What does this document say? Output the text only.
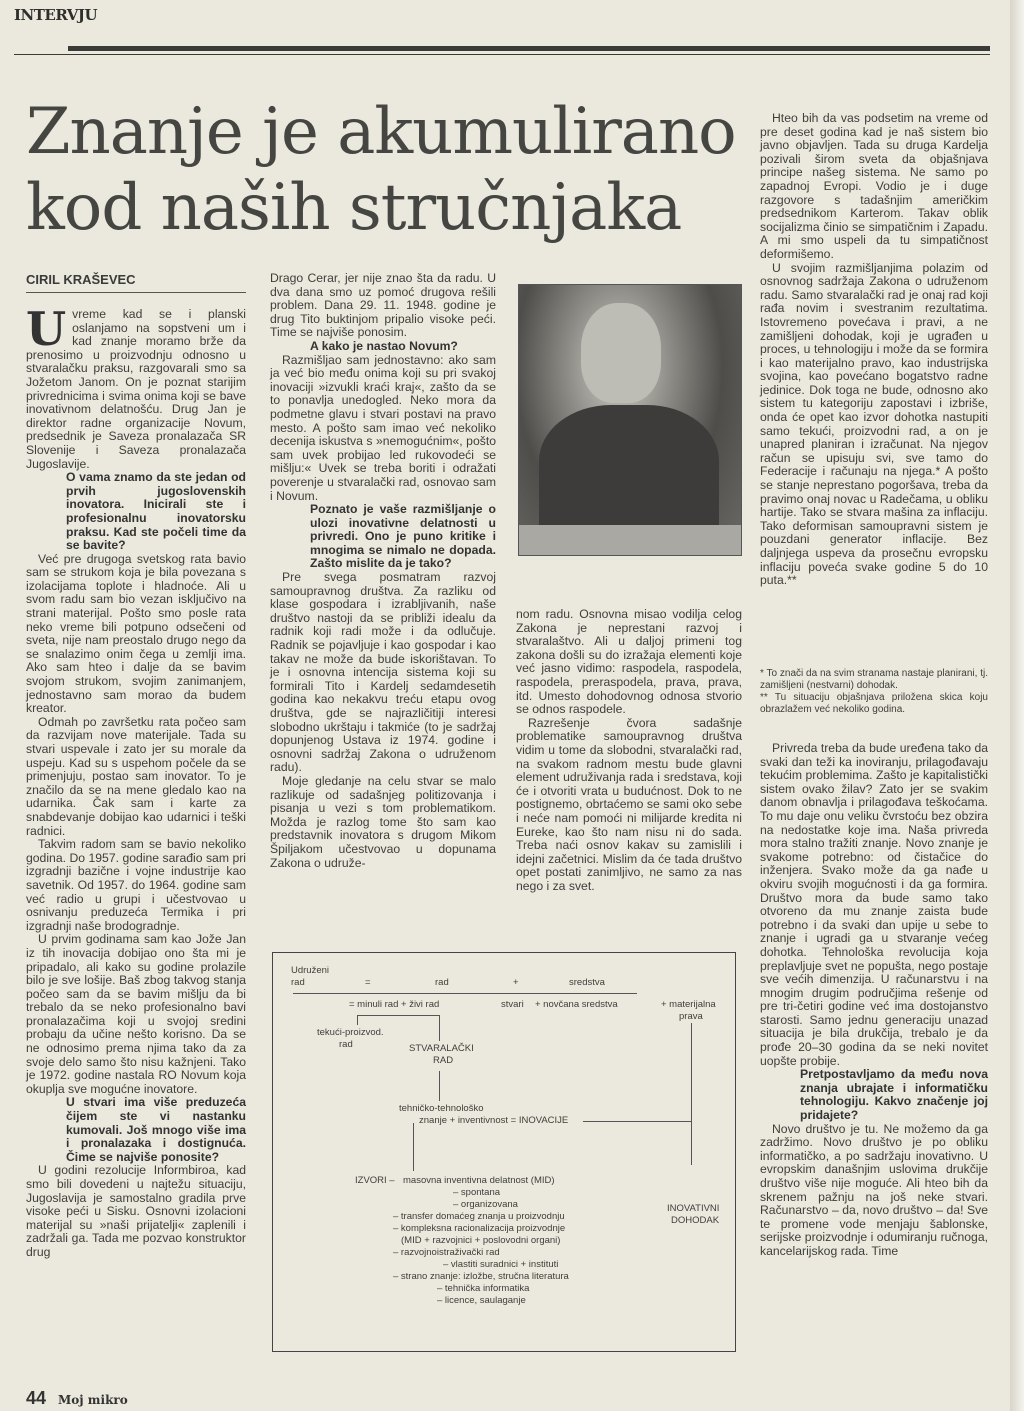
INTERVJU
Znanje je akumulirano kod naših stručnjaka
CIRIL KRAŠEVEC

Uvreme kad se i planski oslanjamo na sopstveni um i kad znanje moramo brže da prenosimo u proizvodnju odnosno u stvaralačku praksu, razgovarali smo sa Jožetom Janom. On je poznat starijim privrednicima i svima onima koji se bave inovativnom delatnošću. Drug Jan je direktor radne organizacije Novum, predsednik je Saveza pronalazača SR Slovenije i Saveza pronalazača Jugoslavije.

O vama znamo da ste jedan od prvih jugoslovenskih inovatora. Inicirali ste i profesionalnu inovatorsku praksu. Kad ste počeli time da se bavite?

Već pre drugoga svetskog rata bavio sam se strukom koja je bila povezana s izolacijama toplote i hladnoće. Ali u svom radu sam bio vezan isključivo na strani materijal. Pošto smo posle rata neko vreme bili potpuno odsečeni od sveta, nije nam preostalo drugo nego da se snalazimo onim čega u zemlji ima. Ako sam hteo i dalje da se bavim svojom strukom, svojim zanimanjem, jednostavno sam morao da budem kreator.

Odmah po završetku rata počeo sam da razvijam nove materijale. Tada su stvari uspevale i zato jer su morale da uspeju. Kad su s uspehom počele da se primenjuju, postao sam inovator. To je značilo da se na mene gledalo kao na udarnika. Čak sam i karte za snabdevanje dobijao kao udarnici i teški radnici.

Takvim radom sam se bavio nekoliko godina. Do 1957. godine sarađio sam pri izgradnji bazične i vojne industrije kao savetnik. Od 1957. do 1964. godine sam već radio u grupi i učestvovao u osnivanju preduzeća Termika i pri izgradnji naše brodogradnje.

U prvim godinama sam kao Jože Jan iz tih inovacija dobijao ono šta mi je pripadalo, ali kako su godine prolazile bilo je sve lošije. Baš zbog takvog stanja počeo sam da se bavim mišlju da bi trebalo da se neko profesionalno bavi pronalazačima koji u svojoj sredini probaju da učine nešto korisno. Da se ne odnosimo prema njima tako da za svoje delo samo što nisu kažnjeni. Tako je 1972. godine nastala RO Novum koja okuplja sve mogućne inovatore.

U stvari ima više preduzeća čijem ste vi nastanku kumovali. Još mnogo više ima i pronalazaka i dostignuća. Čime se najviše ponosite?

U godini rezolucije Informbiroa, kad smo bili dovedeni u najtežu situaciju, Jugoslavija je samostalno gradila prve visoke peći u Sisku. Osnovni izolacioni materijal su »naši prijatelji« zaplenili i zadržali ga. Tada me pozvao konstruktor drug

Drago Cerar, jer nije znao šta da radu. U dva dana smo uz pomoć drugova rešili problem. Dana 29. 11. 1948. godine je drug Tito buktinjom pripalio visoke peći. Time se najviše ponosim.

A kako je nastao Novum?

Razmišljao sam jednostavno: ako sam ja već bio među onima koji su pri svakoj inovaciji »izvukli kraći kraj«, zašto da se to ponavlja unedogled. Neko mora da podmetne glavu i stvari postavi na pravo mesto. A pošto sam imao već nekoliko decenija iskustva s »nemogućnim«, pošto sam uvek probijao led rukovodeći se mišlju:« Uvek se treba boriti i odražati poverenje u stvaralački rad, osnovao sam i Novum.

Poznato je vaše razmišljanje o ulozi inovativne delatnosti u privredi. Ono je puno kritike i mnogima se nimalo ne dopada. Zašto mislite da je tako?

Pre svega posmatram razvoj samoupravnog društva. Za razliku od klase gospodara i izrabljivanih, naše društvo nastoji da se približi idealu da radnik koji radi može i da odlučuje. Radnik se pojavljuje i kao gospodar i kao takav ne može da bude iskorištavan. To je i osnovna intencija sistema koji su formirali Tito i Kardelj sedamdesetih godina kao nekakvu treću etapu ovog društva, gde se najrazličitiji interesi slobodno ukrštaju i takmiće (to je sadržaj dopunjenog Ustava iz 1974. godine i osnovni sadržaj Zakona o udruženom radu).

Moje gledanje na celu stvar se malo razlikuje od sadašnjeg politizovanja i pisanja u vezi s tom problematikom. Možda je razlog tome što sam kao predstavnik inovatora s drugom Mikom Špiljakom učestvovao u dopunama Zakona o udruže-

nom radu. Osnovna misao vodilja celog Zakona je neprestani razvoj i stvaralaštvo. Ali u daljoj primeni tog zakona došli su do izražaja elementi koje već jasno vidimo: raspodela, raspodela, raspodela, preraspodela, prava, prava, itd. Umesto dohodovnog odnosa stvorio se odnos raspodele.

Razrešenje čvora sadašnje problematike samoupravnog društva vidim u tome da slobodni, stvaralački rad, na svakom radnom mestu bude glavni element udruživanja rada i sredstava, koji će i otvoriti vrata u budućnost. Dok to ne postignemo, obrtaćemo se sami oko sebe i neće nam pomoći ni milijarde kredita ni Eureke, kao što nam nisu ni do sada. Treba naći osnov kakav su zamislili i idejni začetnici. Mislim da će tada društvo opet postati zanimljivo, ne samo za nas nego i za svet.

Hteo bih da vas podsetim na vreme od pre deset godina kad je naš sistem bio javno objavljen. Tada su druga Kardelja pozivali širom sveta da objašnjava principe našeg sistema. Ne samo po zapadnoj Evropi. Vodio je i duge razgovore s tadašnjim američkim predsednikom Karterom. Takav oblik socijalizma činio se simpatičnim i Zapadu. A mi smo uspeli da tu simpatičnost deformišemo.

U svojim razmišljanjima polazim od osnovnog sadržaja Zakona o udruženom radu. Samo stvaralački rad je onaj rad koji rađa novim i svestranim rezultatima. Istovremeno povećava i pravi, a ne zamišljeni dohodak, koji je ugrađen u proces, u tehnologiju i može da se formira i kao materijalno pravo, kao industrijska svojina, kao povećano bogatstvo radne jedinice. Dok toga ne bude, odnosno ako sistem tu kategoriju zapostavi i izbriše, onda će opet kao izvor dohotka nastupiti samo tekući, proizvodni rad, a on je unapred planiran i izračunat. Na njegov račun se upisuju svi, sve tamo do Federacije i računaju na njega.* A pošto se stanje neprestano pogoršava, treba da pravimo onaj novac u Radečama, u obliku hartije. Tako se stvara mašina za inflaciju. Tako deformisan samoupravni sistem je pouzdani generator inflacije. Bez daljnjega uspeva da prosečnu evropsku inflaciju poveća svake godine 5 do 10 puta.**

* To znači da na svim stranama nastaje planirani, tj. zamišljeni (nestvarni) dohodak.

** Tu situaciju objašnjava priložena skica koju obrazlažem već nekoliko godina.

Privreda treba da bude uređena tako da svaki dan teži ka inoviranju, prilagođavaju tekućim problemima. Zašto je kapitalistički sistem ovako žilav? Zato jer se svakim danom obnavlja i prilagođava teškoćama. To mu daje onu veliku čvrstoću bez obzira na nedostatke koje ima. Naša privreda mora stalno tražiti znanje. Novo znanje je svakome potrebno: od čistačice do inženjera. Svako može da ga nađe u okviru svojih mogućnosti i da ga formira. Društvo mora da bude samo tako otvoreno da mu znanje zaista bude potrebno i da svaki dan upije u sebe to znanje i ugradi ga u stvaranje većeg dohotka. Tehnološka revolucija koja preplavljuje svet ne popušta, nego postaje sve većih dimenzija. U računarstvu i na mnogim drugim područjima rešenje od pre tri-četiri godine već ima dostojanstvo starosti. Samo jednu generaciju unazad situacija je bila drukčija, trebalo je da prođe 20–30 godina da se neki novitet uopšte probije.

Pretpostavljamo da među nova znanja ubrajate i informatičku tehnologiju. Kakvo značenje joj pridajete?

Novo društvo je tu. Ne možemo da ga zadržimo. Novo društvo je po obliku informatičko, a po sadržaju inovativno. U evropskim današnjim uslovima drukčije društvo više nije moguće. Ali hteo bih da skrenem pažnju na još neke stvari. Računarstvo – da, novo društvo – da! Sve te promene vode menjaju šablonske, serijske proizvodnje i odumiranju ručnoga, kancelarijskog rada. Time

Udruženi
rad	=	rad	+	sredstva
= minuli rad + živi rad	stvari + novčana sredstva	+ materijalna
prava
tekući-proizvod.
rad	STVARALAČKI
RAD
tehničko-tehnološko
znanje + inventivnost = INOVACIJE
IZVORI – masovna inventivna delatnost (MID)
– spontana
– organizovana
– transfer domaćeg znanja u proizvodnju
– kompleksna racionalizacija proizvodnje
(MID + razvojnici + poslovodni organi)
– razvojnoistraživački rad
– vlastiti suradnici + instituti
– strano znanje: izložbe, stručna literatura
– tehnička informatika
– licence, saulaganje
INOVATIVNI
DOHODAK
44 Moj mikro
